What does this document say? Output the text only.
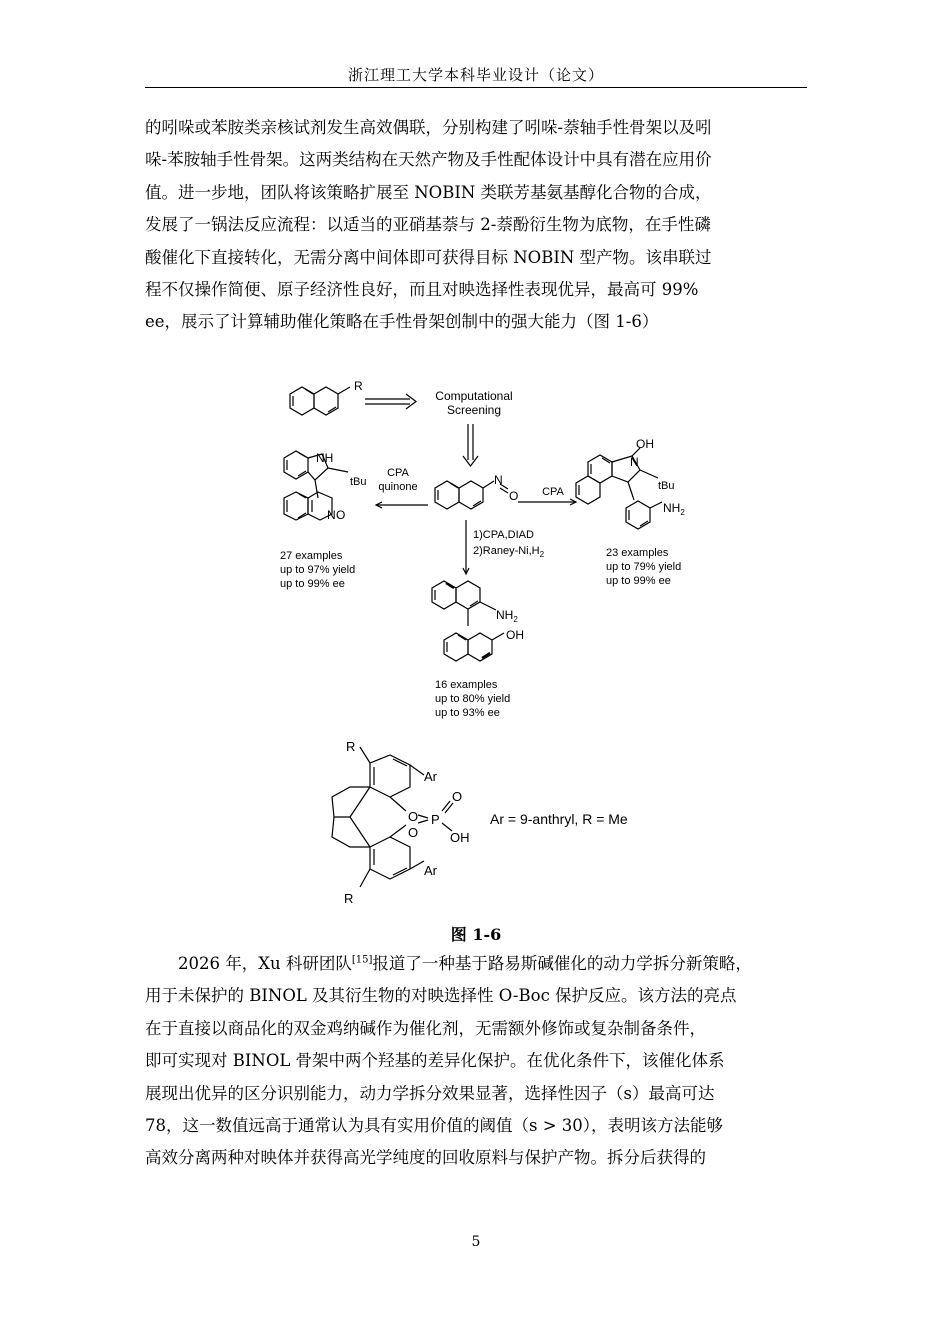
浙江理工大学本科毕业设计（论文）
的吲哚或苯胺类亲核试剂发生高效偶联，分别构建了吲哚-萘轴手性骨架以及吲
哚-苯胺轴手性骨架。这两类结构在天然产物及手性配体设计中具有潜在应用价
值。进一步地，团队将该策略扩展至 NOBIN 类联芳基氨基醇化合物的合成，
发展了一锅法反应流程：以适当的亚硝基萘与 2-萘酚衍生物为底物，在手性磷
酸催化下直接转化，无需分离中间体即可获得目标 NOBIN 型产物。该串联过
程不仅操作简便、原子经济性良好，而且对映选择性表现优异，最高可 99%
ee，展示了计算辅助催化策略在手性骨架创制中的强大能力（图 1-6）
R
Computational
Screening
N
O
CPA
quinone	CPA
1)CPA,DIAD
$2)Raney-Ni,H_2$
NH
tBu
N O
27 examples
up to 97% yield
up to 99% ee
OH
N
tBu
$NH_2$
23 examples
up to 79% yield
up to 99% ee
$NH_2$
OH
16 examples
up to 80% yield
up to 93% ee
R
R
Ar
Ar
O
O
P
O
OH
Ar = 9-anthryl, R = Me
图 1-6
　　2026 年，Xu 科研团队[15]报道了一种基于路易斯碱催化的动力学拆分新策略，
用于未保护的 BINOL 及其衍生物的对映选择性 O-Boc 保护反应。该方法的亮点
在于直接以商品化的双金鸡纳碱作为催化剂，无需额外修饰或复杂制备条件，
即可实现对 BINOL 骨架中两个羟基的差异化保护。在优化条件下，该催化体系
展现出优异的区分识别能力，动力学拆分效果显著，选择性因子（s）最高可达
78，这一数值远高于通常认为具有实用价值的阈值（s > 30），表明该方法能够
高效分离两种对映体并获得高光学纯度的回收原料与保护产物。拆分后获得的
5
